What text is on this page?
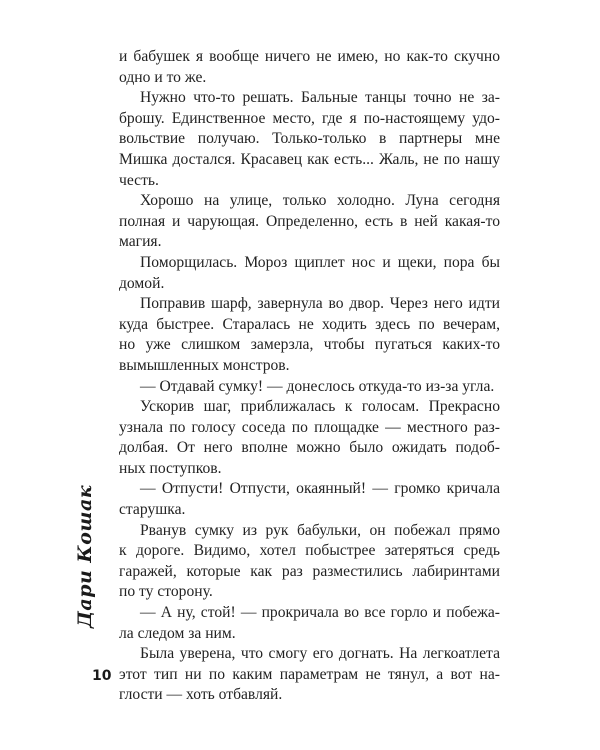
и бабушек я вообще ничего не имею, но как-то скучно
одно и то же.
Нужно что-то решать. Бальные танцы точно не за-
брошу. Единственное место, где я по-настоящему удо-
вольствие получаю. Только-только в партнеры мне
Мишка достался. Красавец как есть... Жаль, не по нашу
честь.
Хорошо на улице, только холодно. Луна сегодня
полная и чарующая. Определенно, есть в ней какая-то
магия.
Поморщилась. Мороз щиплет нос и щеки, пора бы
домой.
Поправив шарф, завернула во двор. Через него идти
куда быстрее. Старалась не ходить здесь по вечерам,
но уже слишком замерзла, чтобы пугаться каких-то
вымышленных монстров.
— Отдавай сумку! — донеслось откуда-то из-за угла.
Ускорив шаг, приближалась к голосам. Прекрасно
узнала по голосу соседа по площадке — местного раз-
долбая. От него вполне можно было ожидать подоб-
ных поступков.
— Отпусти! Отпусти, окаянный! — громко кричала
старушка.
Рванув сумку из рук бабульки, он побежал прямо
к дороге. Видимо, хотел побыстрее затеряться средь
гаражей, которые как раз разместились лабиринтами
по ту сторону.
— А ну, стой! — прокричала во все горло и побежа-
ла следом за ним.
Была уверена, что смогу его догнать. На легкоатлета
этот тип ни по каким параметрам не тянул, а вот на-
глости — хоть отбавляй.
Дари Кошак
10
